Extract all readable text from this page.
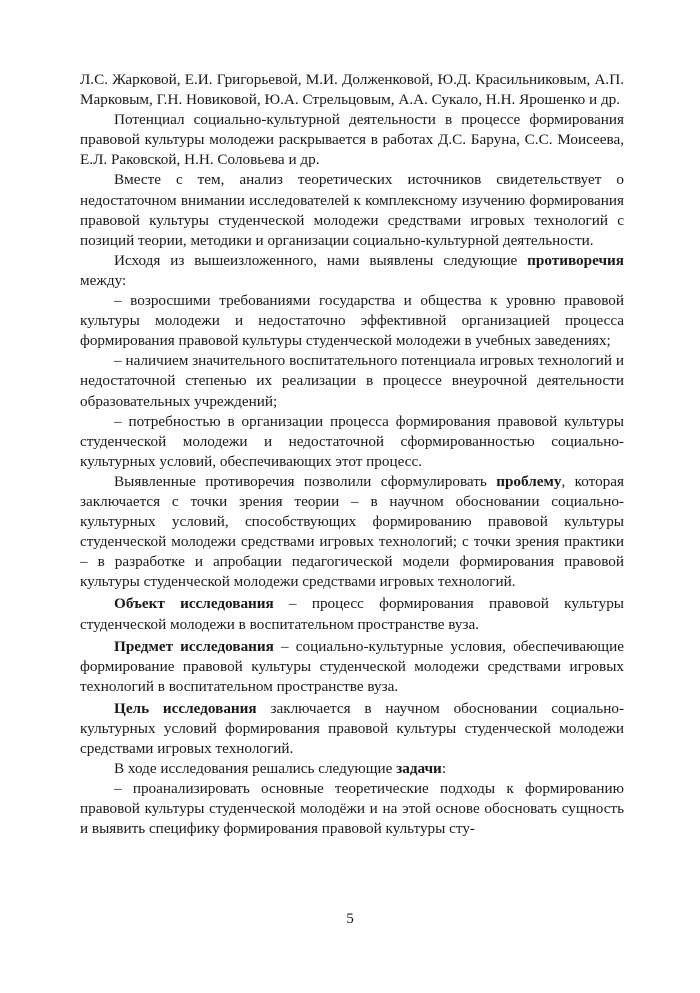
Л.С. Жарковой, Е.И. Григорьевой, М.И. Долженковой, Ю.Д. Красильниковым, А.П. Марковым, Г.Н. Новиковой, Ю.А. Стрельцовым, А.А. Сукало, Н.Н. Ярошенко и др.

Потенциал социально-культурной деятельности в процессе формирования правовой культуры молодежи раскрывается в работах Д.С. Баруна, С.С. Моисеева, Е.Л. Раковской, Н.Н. Соловьева и др.

Вместе с тем, анализ теоретических источников свидетельствует о недостаточном внимании исследователей к комплексному изучению формирования правовой культуры студенческой молодежи средствами игровых технологий с позиций теории, методики и организации социально-культурной деятельности.

Исходя из вышеизложенного, нами выявлены следующие противоречия между:

– возросшими требованиями государства и общества к уровню правовой культуры молодежи и недостаточно эффективной организацией процесса формирования правовой культуры студенческой молодежи в учебных заведениях;

– наличием значительного воспитательного потенциала игровых технологий и недостаточной степенью их реализации в процессе внеурочной деятельности образовательных учреждений;

– потребностью в организации процесса формирования правовой культуры студенческой молодежи и недостаточной сформированностью социально-культурных условий, обеспечивающих этот процесс.

Выявленные противоречия позволили сформулировать проблему, которая заключается с точки зрения теории – в научном обосновании социально-культурных условий, способствующих формированию правовой культуры студенческой молодежи средствами игровых технологий; с точки зрения практики – в разработке и апробации педагогической модели формирования правовой культуры студенческой молодежи средствами игровых технологий.

Объект исследования – процесс формирования правовой культуры студенческой молодежи в воспитательном пространстве вуза.

Предмет исследования – социально-культурные условия, обеспечивающие формирование правовой культуры студенческой молодежи средствами игровых технологий в воспитательном пространстве вуза.

Цель исследования заключается в научном обосновании социально-культурных условий формирования правовой культуры студенческой молодежи средствами игровых технологий.

В ходе исследования решались следующие задачи:

– проанализировать основные теоретические подходы к формированию правовой культуры студенческой молодёжи и на этой основе обосновать сущность и выявить специфику формирования правовой культуры сту-

5
